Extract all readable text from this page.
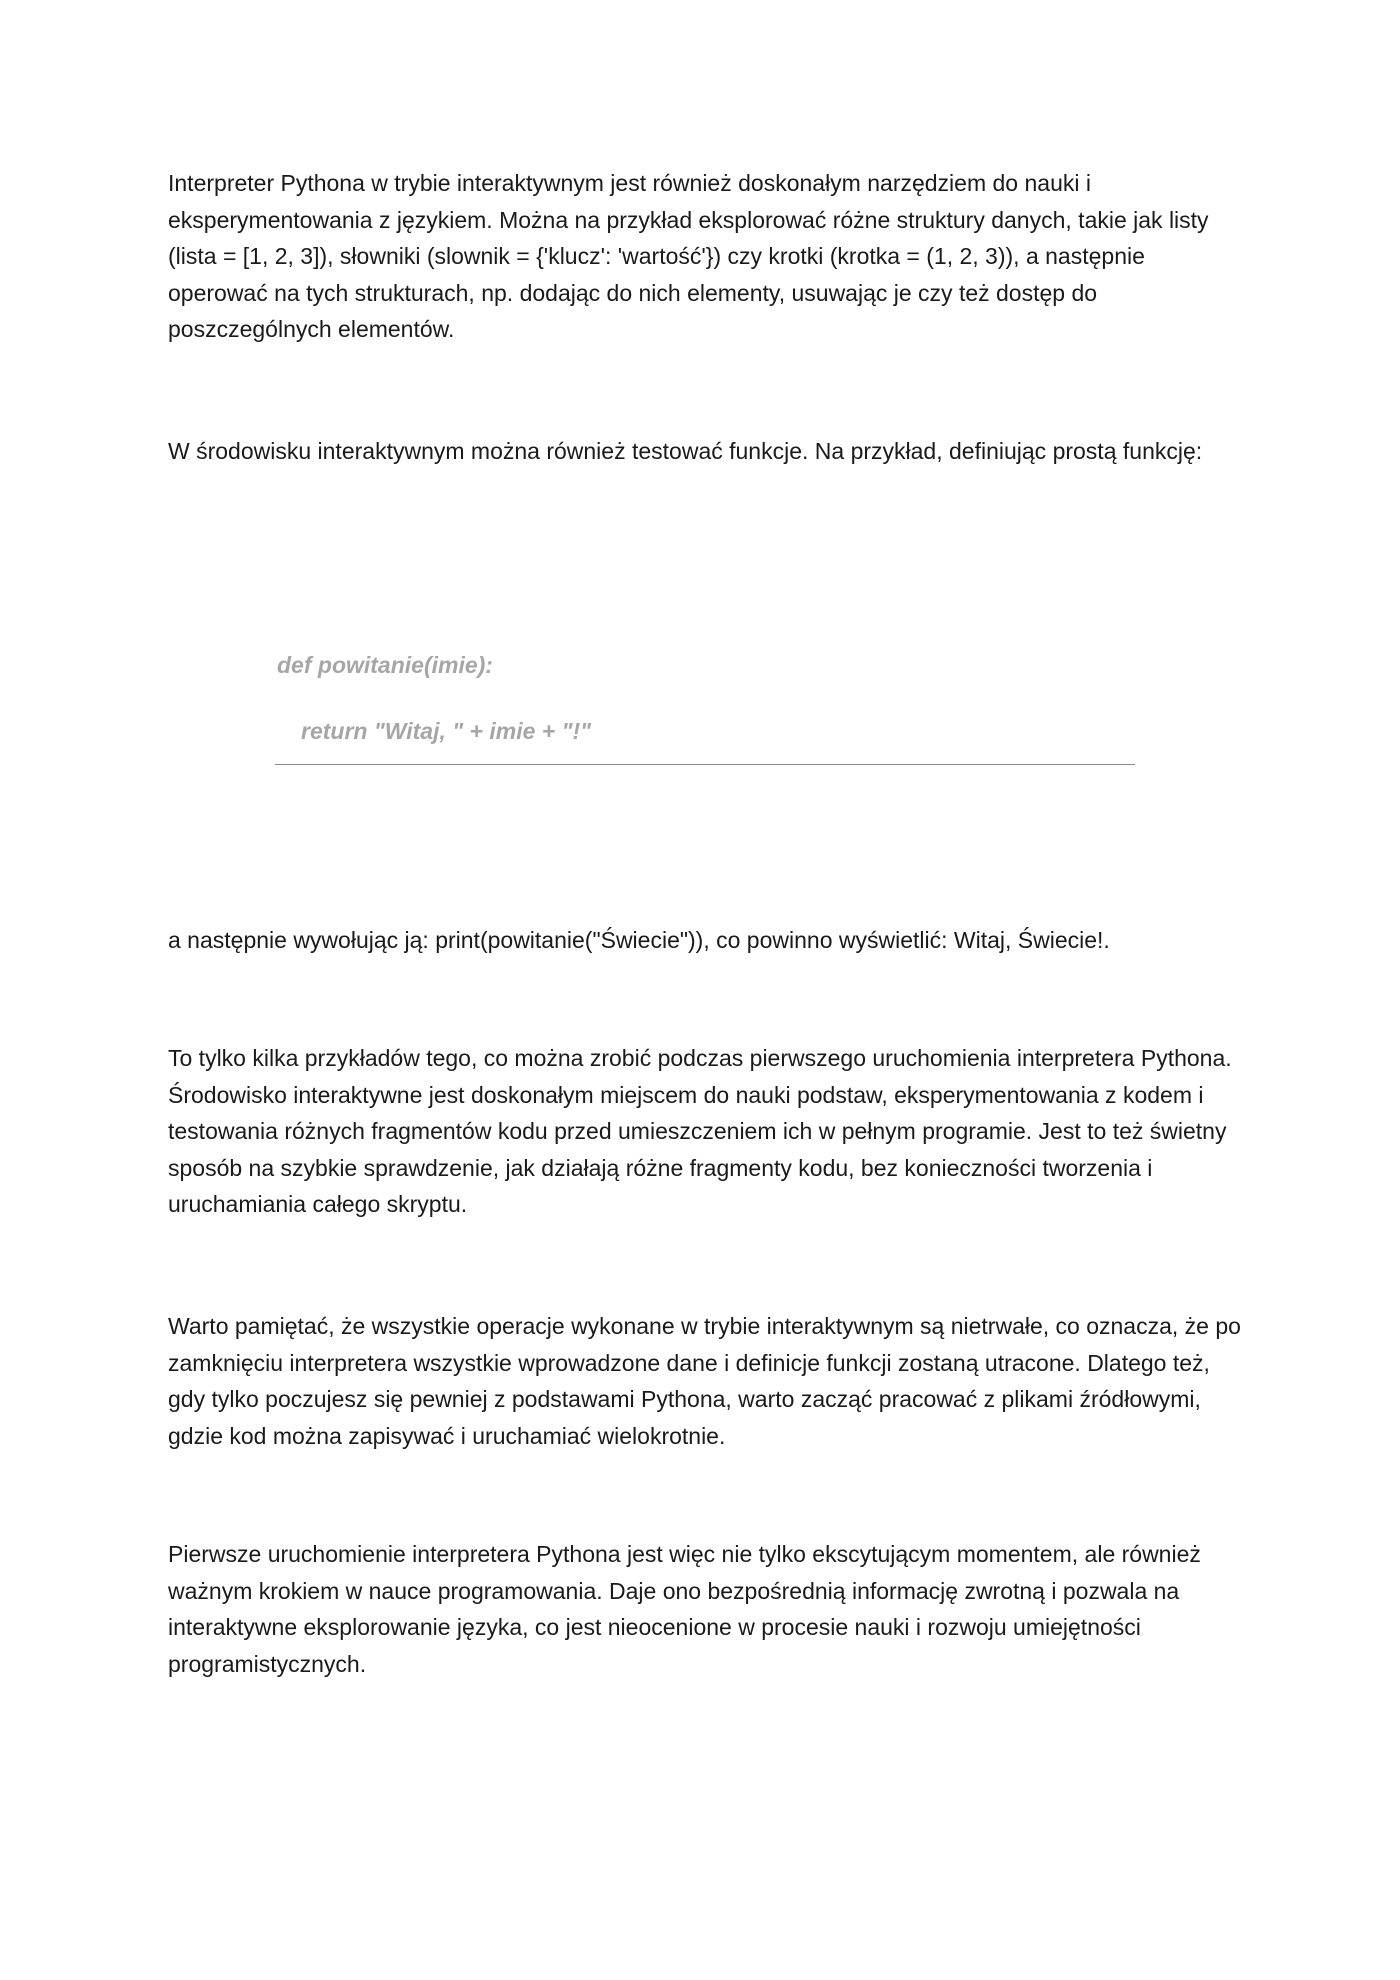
Interpreter Pythona w trybie interaktywnym jest również doskonałym narzędziem do nauki i eksperymentowania z językiem. Można na przykład eksplorować różne struktury danych, takie jak listy (lista = [1, 2, 3]), słowniki (slownik = {'klucz': 'wartość'}) czy krotki (krotka = (1, 2, 3)), a następnie operować na tych strukturach, np. dodając do nich elementy, usuwając je czy też dostęp do poszczególnych elementów.

W środowisku interaktywnym można również testować funkcje. Na przykład, definiując prostą funkcję:

def powitanie(imie):
return "Witaj, " + imie + "!"

a następnie wywołując ją: print(powitanie("Świecie")), co powinno wyświetlić: Witaj, Świecie!.

To tylko kilka przykładów tego, co można zrobić podczas pierwszego uruchomienia interpretera Pythona. Środowisko interaktywne jest doskonałym miejscem do nauki podstaw, eksperymentowania z kodem i testowania różnych fragmentów kodu przed umieszczeniem ich w pełnym programie. Jest to też świetny sposób na szybkie sprawdzenie, jak działają różne fragmenty kodu, bez konieczności tworzenia i uruchamiania całego skryptu.

Warto pamiętać, że wszystkie operacje wykonane w trybie interaktywnym są nietrwałe, co oznacza, że po zamknięciu interpretera wszystkie wprowadzone dane i definicje funkcji zostaną utracone. Dlatego też, gdy tylko poczujesz się pewniej z podstawami Pythona, warto zacząć pracować z plikami źródłowymi, gdzie kod można zapisywać i uruchamiać wielokrotnie.

Pierwsze uruchomienie interpretera Pythona jest więc nie tylko ekscytującym momentem, ale również ważnym krokiem w nauce programowania. Daje ono bezpośrednią informację zwrotną i pozwala na interaktywne eksplorowanie języka, co jest nieocenione w procesie nauki i rozwoju umiejętności programistycznych.
